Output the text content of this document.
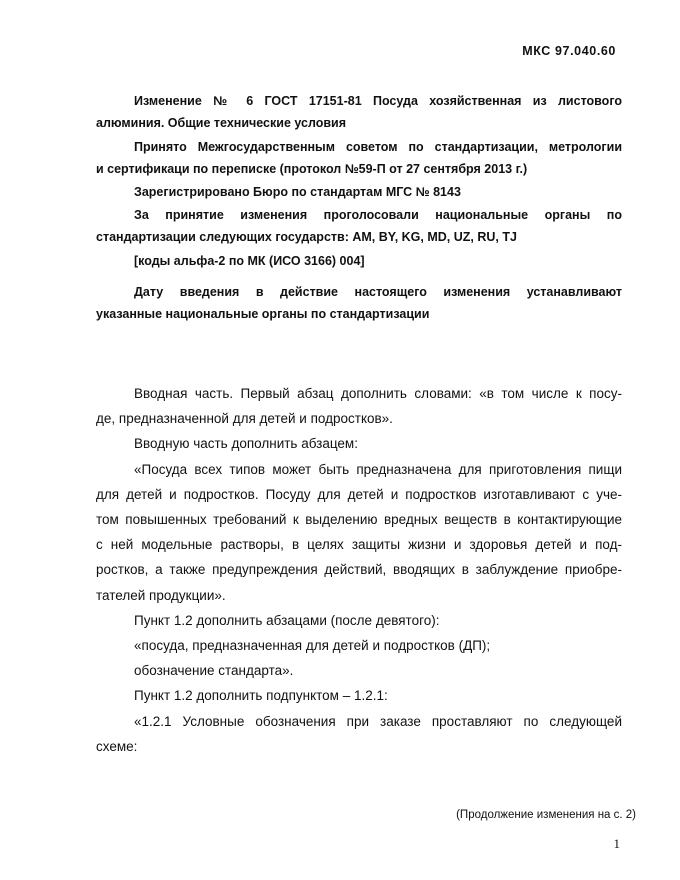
МКС 97.040.60

Изменение № 6 ГОСТ 17151-81 Посуда хозяйственная из листового

алюминия. Общие технические условия

Принято Межгосударственным советом по стандартизации, метрологии

и сертификаци по переписке (протокол №59-П от 27 сентября 2013 г.)

Зарегистрировано Бюро по стандартам МГС № 8143

За принятие изменения проголосовали национальные органы по

стандартизации следующих государств: AM, BY, KG, MD, UZ, RU, TJ

[коды альфа-2 по МК (ИСО 3166) 004]

Дату введения в действие настоящего изменения устанавливают

указанные национальные органы по стандартизации

Вводная часть. Первый абзац дополнить словами: «в том числе к посу-

де, предназначенной для детей и подростков».

Вводную часть дополнить абзацем:

«Посуда всех типов может быть предназначена для приготовления пищи

для детей и подростков. Посуду для детей и подростков изготавливают с уче-

том повышенных требований к выделению вредных веществ в контактирующие

с ней модельные растворы, в целях защиты жизни и здоровья детей и под-

ростков, а также предупреждения действий, вводящих в заблуждение приобре-

тателей продукции».

Пункт 1.2 дополнить абзацами (после девятого):

«посуда, предназначенная для детей и подростков (ДП);

обозначение стандарта».

Пункт 1.2 дополнить подпунктом – 1.2.1:

«1.2.1 Условные обозначения при заказе проставляют по следующей

схеме:

(Продолжение изменения на с. 2)
1
